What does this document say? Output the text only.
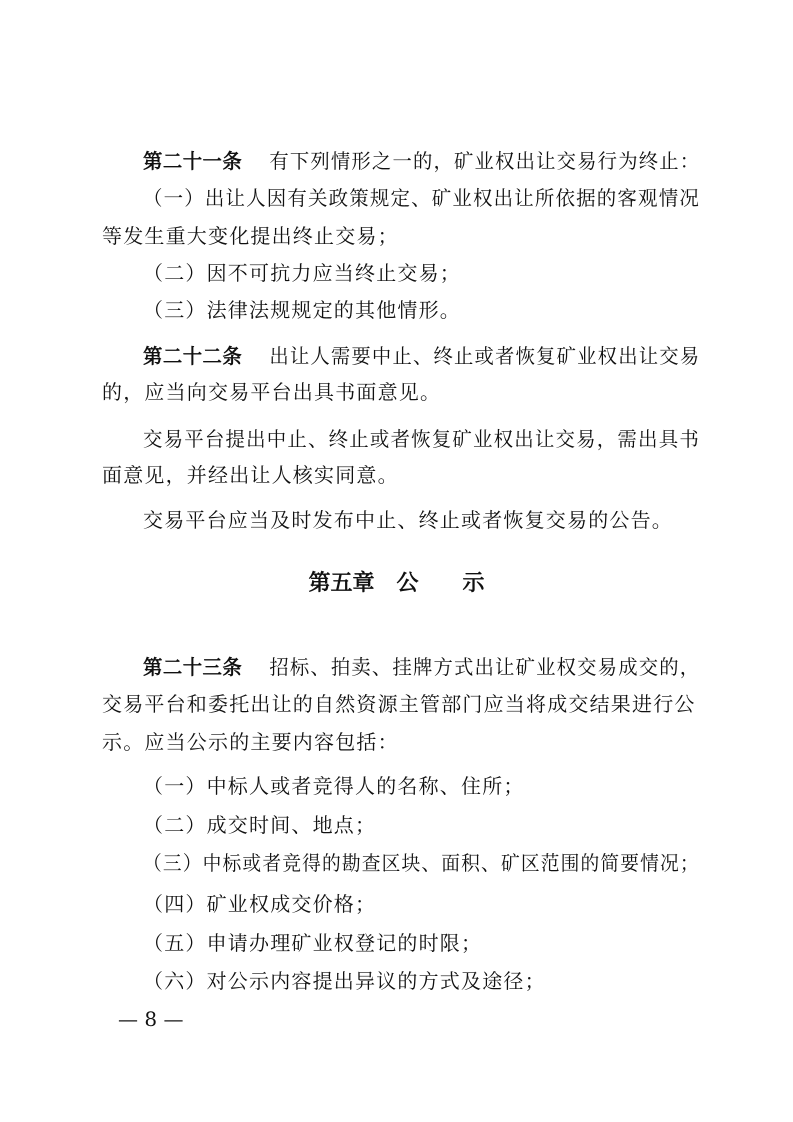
第二十一条 有下列情形之一的，矿业权出让交易行为终止：
（一）出让人因有关政策规定、矿业权出让所依据的客观情况
等发生重大变化提出终止交易；
（二）因不可抗力应当终止交易；
（三）法律法规规定的其他情形。
第二十二条 出让人需要中止、终止或者恢复矿业权出让交易
的，应当向交易平台出具书面意见。
交易平台提出中止、终止或者恢复矿业权出让交易，需出具书
面意见，并经出让人核实同意。
交易平台应当及时发布中止、终止或者恢复交易的公告。
第五章　公　　示
第二十三条 招标、拍卖、挂牌方式出让矿业权交易成交的，
交易平台和委托出让的自然资源主管部门应当将成交结果进行公
示。应当公示的主要内容包括：
（一）中标人或者竞得人的名称、住所；
（二）成交时间、地点；
（三）中标或者竞得的勘查区块、面积、矿区范围的简要情况；
（四）矿业权成交价格；
（五）申请办理矿业权登记的时限；
（六）对公示内容提出异议的方式及途径；
— 8 —
